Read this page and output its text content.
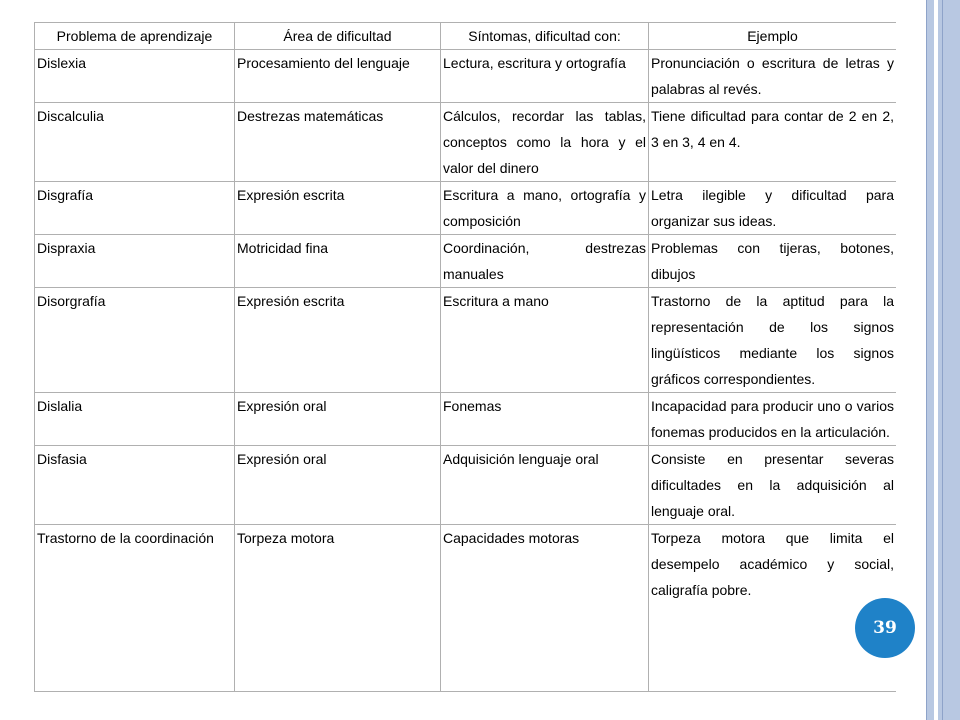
Problema de aprendizaje	Área de dificultad	Síntomas, dificultad con:	Ejemplo
Dislexia	Procesamiento del lenguaje	Lectura, escritura y ortografía	Pronunciación o escritura de letras y palabras al revés.
Discalculia	Destrezas matemáticas	Cálculos, recordar las tablas, conceptos como la hora y el valor del dinero	Tiene dificultad para contar de 2 en 2, 3 en 3, 4 en 4.
Disgrafía	Expresión escrita	Escritura a mano, ortografía y composición	Letra ilegible y dificultad para organizar sus ideas.
Dispraxia	Motricidad fina	Coordinación, destrezas manuales	Problemas con tijeras, botones, dibujos
Disorgrafía	Expresión escrita	Escritura a mano	Trastorno de la aptitud para la representación de los signos lingüísticos mediante los signos gráficos correspondientes.
Dislalia	Expresión oral	Fonemas	Incapacidad para producir uno o varios fonemas producidos en la articulación.
Disfasia	Expresión oral	Adquisición lenguaje oral	Consiste en presentar severas dificultades en la adquisición al lenguaje oral.
Trastorno de la coordinación	Torpeza motora	Capacidades motoras	Torpeza motora que limita el desempelo académico y social, caligrafía pobre.
39
